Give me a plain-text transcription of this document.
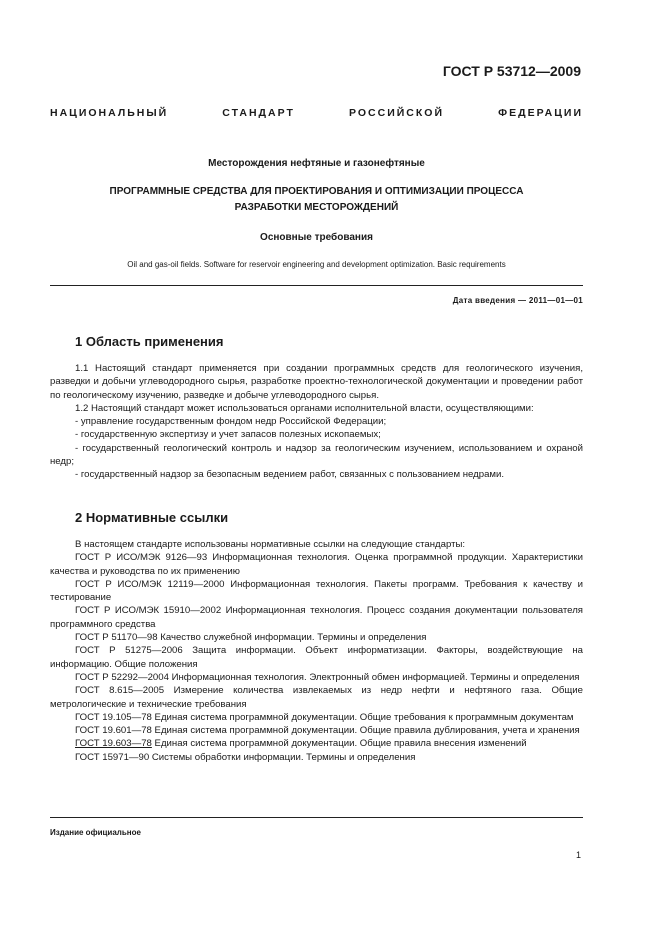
ГОСТ Р 53712—2009
НАЦИОНАЛЬНЫЙ СТАНДАРТ РОССИЙСКОЙ ФЕДЕРАЦИИ
Месторождения нефтяные и газонефтяные
ПРОГРАММНЫЕ СРЕДСТВА ДЛЯ ПРОЕКТИРОВАНИЯ И ОПТИМИЗАЦИИ ПРОЦЕССА
РАЗРАБОТКИ МЕСТОРОЖДЕНИЙ
Основные требования
Oil and gas-oil fields. Software for reservoir engineering and development optimization. Basic requirements
Дата введения — 2011—01—01
1 Область применения

1.1 Настоящий стандарт применяется при создании программных средств для геологического изучения, разведки и добычи углеводородного сырья, разработке проектно-технологической документации и проведении работ по геологическому изучению, разведке и добыче углеводородного сырья.

1.2 Настоящий стандарт может использоваться органами исполнительной власти, осуществляющими:

- управление государственным фондом недр Российской Федерации;

- государственную экспертизу и учет запасов полезных ископаемых;

- государственный геологический контроль и надзор за геологическим изучением, использованием и охраной недр;

- государственный надзор за безопасным ведением работ, связанных с пользованием недрами.

2 Нормативные ссылки

В настоящем стандарте использованы нормативные ссылки на следующие стандарты:

ГОСТ Р ИСО/МЭК 9126—93 Информационная технология. Оценка программной продукции. Характеристики качества и руководства по их применению

ГОСТ Р ИСО/МЭК 12119—2000 Информационная технология. Пакеты программ. Требования к качеству и тестирование

ГОСТ Р ИСО/МЭК 15910—2002 Информационная технология. Процесс создания документации пользователя программного средства

ГОСТ Р 51170—98 Качество служебной информации. Термины и определения

ГОСТ Р 51275—2006 Защита информации. Объект информатизации. Факторы, воздействующие на информацию. Общие положения

ГОСТ Р 52292—2004 Информационная технология. Электронный обмен информацией. Термины и определения

ГОСТ 8.615—2005 Измерение количества извлекаемых из недр нефти и нефтяного газа. Общие метрологические и технические требования

ГОСТ 19.105—78 Единая система программной документации. Общие требования к программным документам

ГОСТ 19.601—78 Единая система программной документации. Общие правила дублирования, учета и хранения

ГОСТ 19.603—78 Единая система программной документации. Общие правила внесения изменений

ГОСТ 15971—90 Системы обработки информации. Термины и определения

Издание официальное
1
